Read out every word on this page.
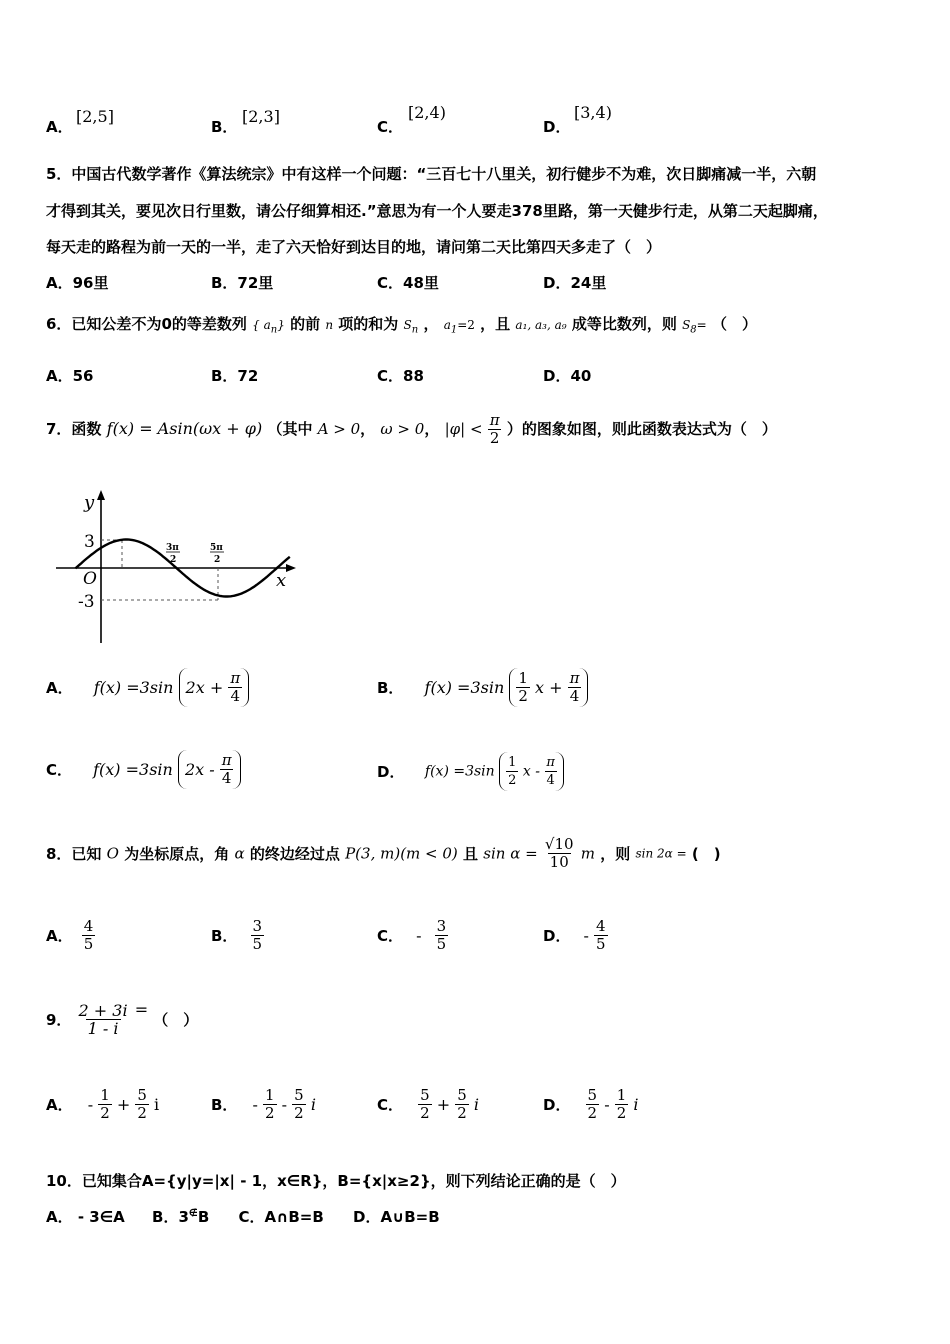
A．
[2,5]
B．
[2,3]
C．
[2,4)
D．
[3,4)
5．中国古代数学著作《算法统宗》中有这样一个问题：“三百七十八里关，初行健步不为难，次日脚痛减一半，六朝
才得到其关，要见次日行里数，请公仔细算相还.”意思为有一个人要走378里路，第一天健步行走，从第二天起脚痛，
每天走的路程为前一天的一半，走了六天恰好到达目的地，请问第二天比第四天多走了（　）
A．96里	B．72里	C．48里	D．24里
6．已知公差不为0的等差数列 { $a_n$} 的前 n 项的和为 $S_n$ ， $a_1=2$ ，且 a₁, a₃, a₉ 成等比数列，则 $S_8=$ （　）
A．56	B．72	C．88	D．40
7．函数 f(x) = Asin(ωx + φ) （其中 A > 0， ω > 0， $|\varphi| < \frac{\pi}{2}$ ）的图象如图，则此函数表达式为（　）
y
x
O
3
-3
3π
2
5π
2
A． f(x) =3sin $2x + \frac{\pi}{4}$	B． $f(x) =3\sin \frac{1}{2}$ $x + \frac{\pi}{4}$
C． f(x) =3sin $2x - \frac{\pi}{4}$	D． $f(x) =3\sin \frac{1}{2}$ x - $\frac{\pi}{4}$
8．已知 O 为坐标原点，角 α 的终边经过点 P(3, m)(m < 0) 且 $\sin \alpha = \frac{√10}{10}$ m ，则 sin 2α = (　)
A． $\frac{4}{5}$	B． $\frac{3}{5}$	C． - $\frac{3}{5}$	D． - $\frac{4}{5}$
9． $\frac{2 + 3i}{1 - i}$ = （　）
A． - $\frac{1}{2} + \frac{5}{2}$ i	B． - $\frac{1}{2} - \frac{5}{2}$ i	C． $\frac{5}{2} + \frac{5}{2}$ i	D． $\frac{5}{2} - \frac{1}{2}$ i
10．已知集合A={y|y=|x| - 1，x∈R}，B={x|x≥2}，则下列结论正确的是（　）
A． - 3∈A B．3∉B C．A∩B=B D．A∪B=B
